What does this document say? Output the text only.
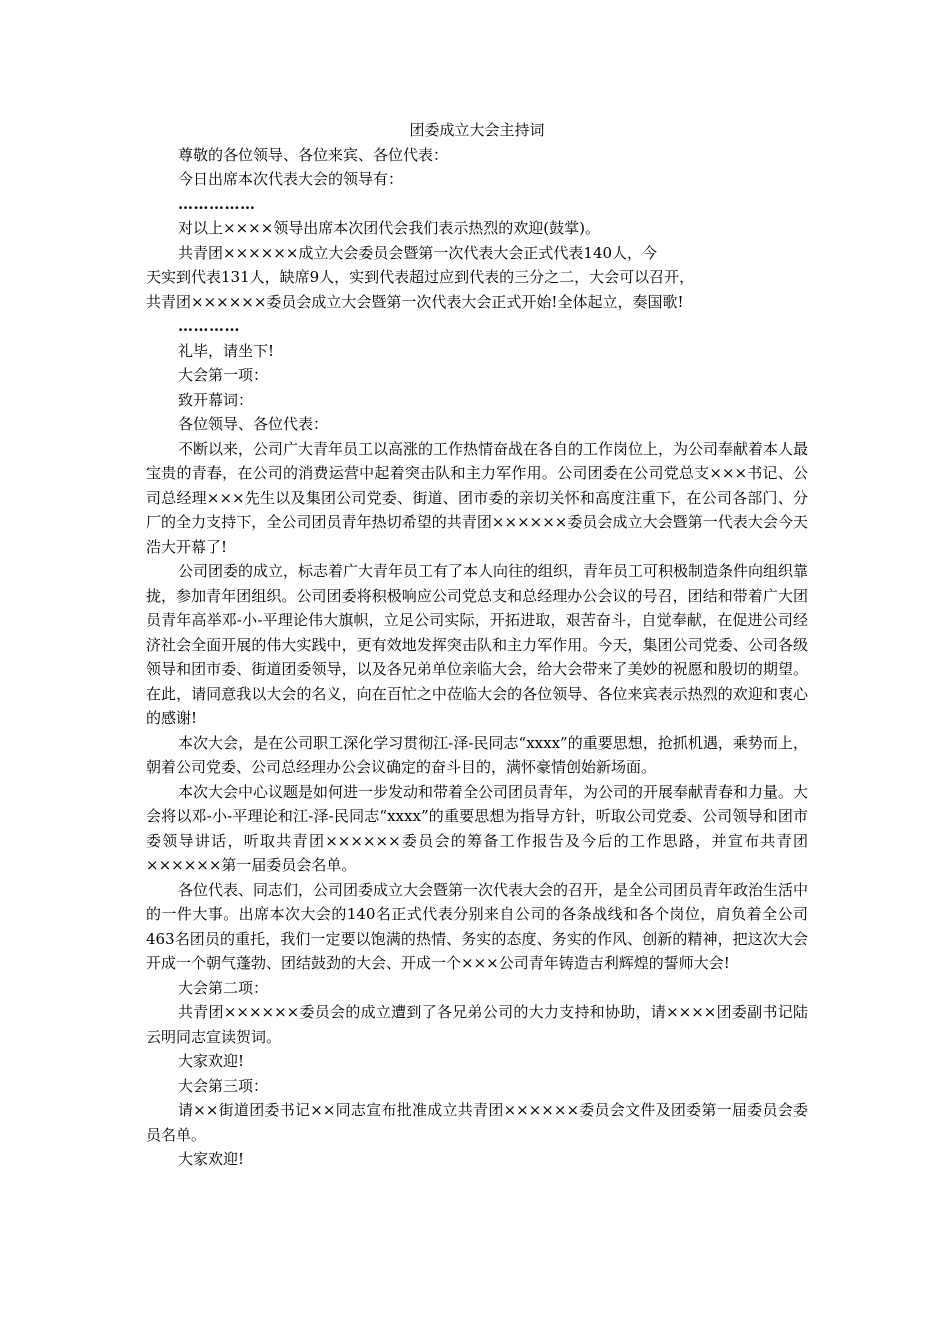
团委成立大会主持词
尊敬的各位领导、各位来宾、各位代表：
今日出席本次代表大会的领导有：
……………
对以上××××领导出席本次团代会我们表示热烈的欢迎(鼓掌)。
共青团××××××成立大会委员会暨第一次代表大会正式代表140人，今
天实到代表131人，缺席9人，实到代表超过应到代表的三分之二，大会可以召开，
共青团××××××委员会成立大会暨第一次代表大会正式开始!全体起立，奏国歌!
…………
礼毕，请坐下!
大会第一项：
致开幕词：
各位领导、各位代表：

不断以来，公司广大青年员工以高涨的工作热情奋战在各自的工作岗位上，为公司奉献着本人最宝贵的青春，在公司的消费运营中起着突击队和主力军作用。公司团委在公司党总支×××书记、公司总经理×××先生以及集团公司党委、街道、团市委的亲切关怀和高度注重下，在公司各部门、分厂的全力支持下，全公司团员青年热切希望的共青团××××××委员会成立大会暨第一代表大会今天浩大开幕了!

公司团委的成立，标志着广大青年员工有了本人向往的组织，青年员工可积极制造条件向组织靠拢，参加青年团组织。公司团委将积极响应公司党总支和总经理办公会议的号召，团结和带着广大团员青年高举邓-小-平理论伟大旗帜，立足公司实际，开拓进取，艰苦奋斗，自觉奉献，在促进公司经济社会全面开展的伟大实践中，更有效地发挥突击队和主力军作用。今天，集团公司党委、公司各级领导和团市委、街道团委领导，以及各兄弟单位亲临大会，给大会带来了美妙的祝愿和殷切的期望。在此，请同意我以大会的名义，向在百忙之中莅临大会的各位领导、各位来宾表示热烈的欢迎和衷心的感谢!

本次大会，是在公司职工深化学习贯彻江-泽-民同志“xxxx”的重要思想，抢抓机遇，乘势而上，朝着公司党委、公司总经理办公会议确定的奋斗目的，满怀豪情创始新场面。

本次大会中心议题是如何进一步发动和带着全公司团员青年，为公司的开展奉献青春和力量。大会将以邓-小-平理论和江-泽-民同志“xxxx”的重要思想为指导方针，听取公司党委、公司领导和团市委领导讲话，听取共青团××××××委员会的筹备工作报告及今后的工作思路，并宣布共青团××××××第一届委员会名单。

各位代表、同志们，公司团委成立大会暨第一次代表大会的召开，是全公司团员青年政治生活中的一件大事。出席本次大会的140名正式代表分别来自公司的各条战线和各个岗位，肩负着全公司463名团员的重托，我们一定要以饱满的热情、务实的态度、务实的作风、创新的精神，把这次大会开成一个朝气蓬勃、团结鼓劲的大会、开成一个×××公司青年铸造吉利辉煌的誓师大会!

大会第二项：

共青团××××××委员会的成立遭到了各兄弟公司的大力支持和协助，请××××团委副书记陆云明同志宣读贺词。

大家欢迎!
大会第三项：

请××街道团委书记××同志宣布批准成立共青团××××××委员会文件及团委第一届委员会委员名单。

大家欢迎!
